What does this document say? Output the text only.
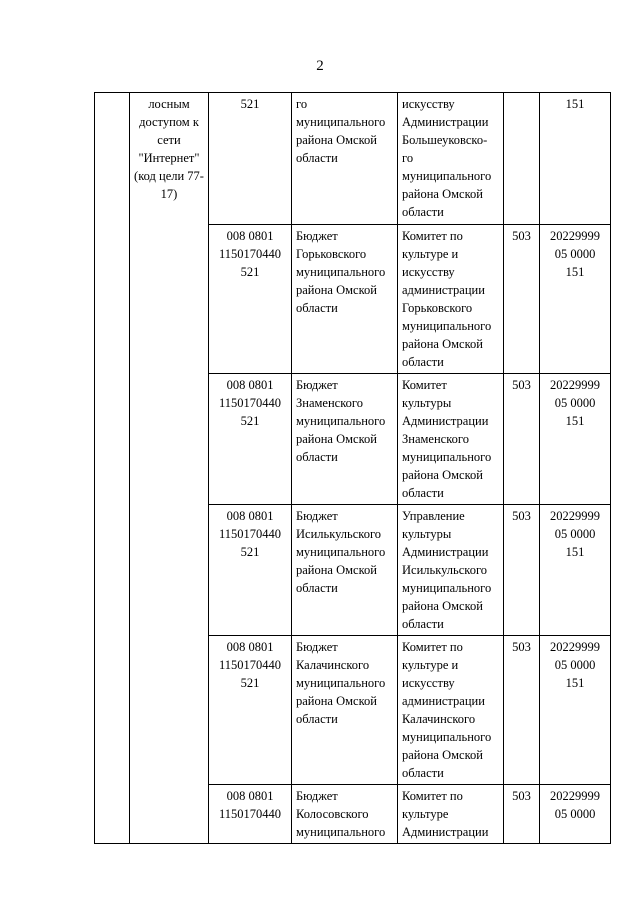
2
	лосным доступом к сети "Интернет" (код цели 77-17)	521	го муниципального района Омской области	искусству Администрации Большеуковско- го муниципального района Омской области		151
		008 0801 1150170440 521	Бюджет Горьковского муниципального района Омской области	Комитет по культуре и искусству администрации Горьковского муниципального района Омской области	503	20229999 05 0000 151
		008 0801 1150170440 521	Бюджет Знаменского муниципального района Омской области	Комитет культуры Администрации Знаменского муниципального района Омской области	503	20229999 05 0000 151
		008 0801 1150170440 521	Бюджет Исилькульского муниципального района Омской области	Управление культуры Администрации Исилькульского муниципального района Омской области	503	20229999 05 0000 151
		008 0801 1150170440 521	Бюджет Калачинского муниципального района Омской области	Комитет по культуре и искусству администрации Калачинского муниципального района Омской области	503	20229999 05 0000 151
		008 0801 1150170440	Бюджет Колосовского муниципального	Комитет по культуре Администрации	503	20229999 05 0000
